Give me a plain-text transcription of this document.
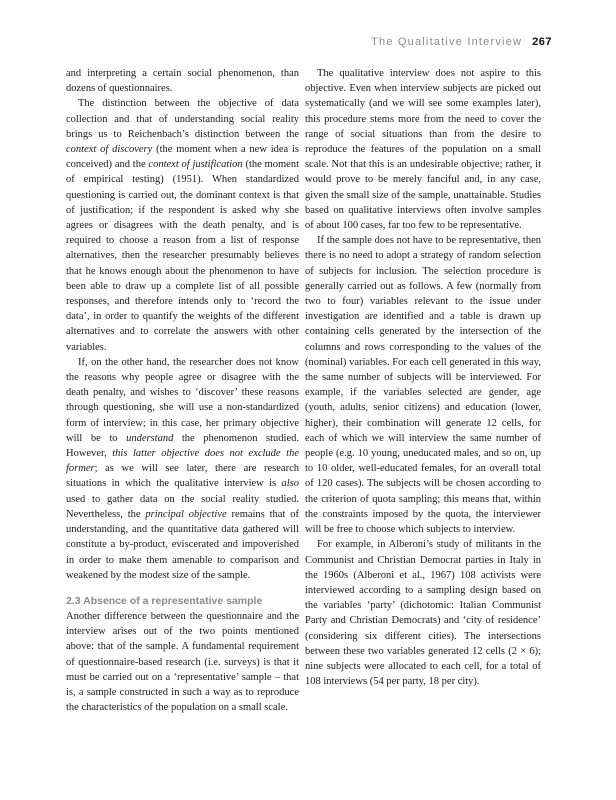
The Qualitative Interview 267

and interpreting a certain social phenomenon, than dozens of questionnaires.

The distinction between the objective of data collection and that of understanding social reality brings us to Reichenbach’s distinction between the context of discovery (the moment when a new idea is conceived) and the context of justification (the moment of empirical testing) (1951). When standardized questioning is carried out, the dominant context is that of justification; if the respondent is asked why she agrees or disagrees with the death penalty, and is required to choose a reason from a list of response alternatives, then the researcher presumably believes that he knows enough about the phenomenon to have been able to draw up a complete list of all possible responses, and therefore intends only to ‘record the data’, in order to quantify the weights of the different alternatives and to correlate the answers with other variables.

If, on the other hand, the researcher does not know the reasons why people agree or disagree with the death penalty, and wishes to ‘discover’ these reasons through questioning, she will use a non-standardized form of interview; in this case, her primary objective will be to understand the phenomenon studied. However, this latter objective does not exclude the former; as we will see later, there are research situations in which the qualitative interview is also used to gather data on the social reality studied. Nevertheless, the principal objective remains that of understanding, and the quantitative data gathered will constitute a by-product, eviscerated and impoverished in order to make them amenable to comparison and weakened by the modest size of the sample.

2.3 Absence of a representative sample

Another difference between the questionnaire and the interview arises out of the two points mentioned above: that of the sample. A fundamental requirement of questionnaire-based research (i.e. surveys) is that it must be carried out on a ‘representative’ sample – that is, a sample constructed in such a way as to reproduce the characteristics of the population on a small scale.

The qualitative interview does not aspire to this objective. Even when interview subjects are picked out systematically (and we will see some examples later), this procedure stems more from the need to cover the range of social situations than from the desire to reproduce the features of the population on a small scale. Not that this is an undesirable objective; rather, it would prove to be merely fanciful and, in any case, given the small size of the sample, unattainable. Studies based on qualitative interviews often involve samples of about 100 cases, far too few to be representative.

If the sample does not have to be representative, then there is no need to adopt a strategy of random selection of subjects for inclusion. The selection procedure is generally carried out as follows. A few (normally from two to four) variables relevant to the issue under investigation are identified and a table is drawn up containing cells generated by the intersection of the columns and rows corresponding to the values of the (nominal) variables. For each cell generated in this way, the same number of subjects will be interviewed. For example, if the variables selected are gender, age (youth, adults, senior citizens) and education (lower, higher), their combination will generate 12 cells, for each of which we will interview the same number of people (e.g. 10 young, uneducated males, and so on, up to 10 older, well-educated females, for an overall total of 120 cases). The subjects will be chosen according to the criterion of quota sampling; this means that, within the constraints imposed by the quota, the interviewer will be free to choose which subjects to interview.

For example, in Alberoni’s study of militants in the Communist and Christian Democrat parties in Italy in the 1960s (Alberoni et al., 1967) 108 activists were interviewed according to a sampling design based on the variables ‘party’ (dichotomic: Italian Communist Party and Christian Democrats) and ‘city of residence’ (considering six different cities). The intersections between these two variables generated 12 cells (2 × 6); nine subjects were allocated to each cell, for a total of 108 interviews (54 per party, 18 per city).
